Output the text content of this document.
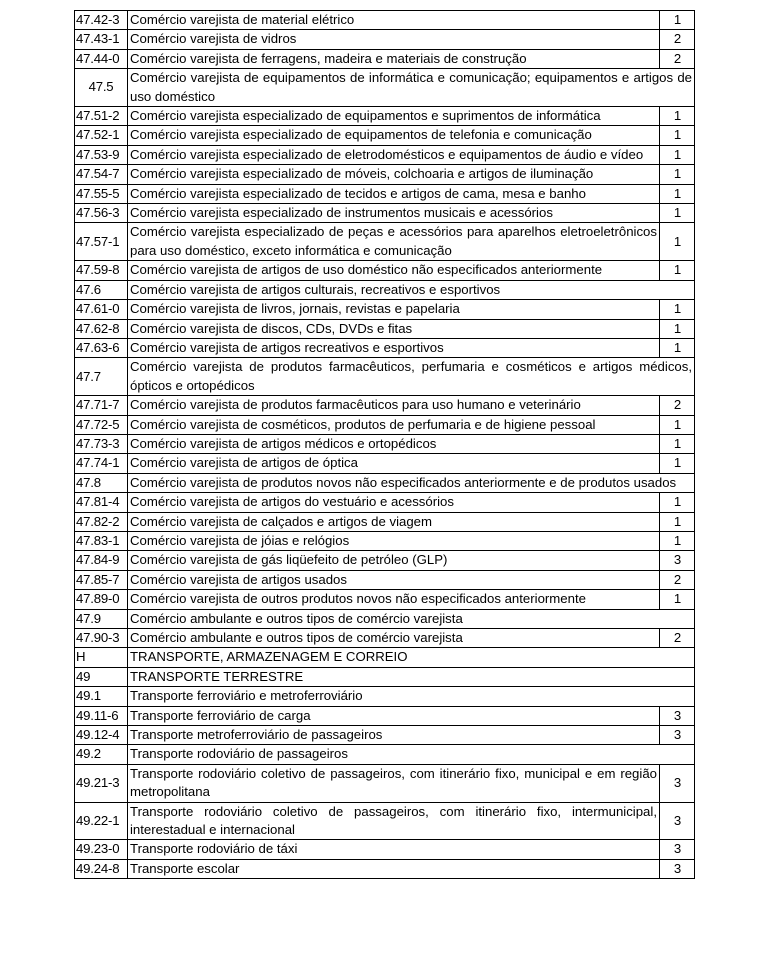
47.42-3	Comércio varejista de material elétrico	1
47.43-1	Comércio varejista de vidros	2
47.44-0	Comércio varejista de ferragens, madeira e materiais de construção	2
47.5	Comércio varejista de equipamentos de informática e comunicação; equipamentos e artigos de uso doméstico	
47.51-2	Comércio varejista especializado de equipamentos e suprimentos de informática	1
47.52-1	Comércio varejista especializado de equipamentos de telefonia e comunicação	1
47.53-9	Comércio varejista especializado de eletrodomésticos e equipamentos de áudio e vídeo	1
47.54-7	Comércio varejista especializado de móveis, colchoaria e artigos de iluminação	1
47.55-5	Comércio varejista especializado de tecidos e artigos de cama, mesa e banho	1
47.56-3	Comércio varejista especializado de instrumentos musicais e acessórios	1
47.57-1	Comércio varejista especializado de peças e acessórios para aparelhos eletroeletrônicos para uso doméstico, exceto informática e comunicação	1
47.59-8	Comércio varejista de artigos de uso doméstico não especificados anteriormente	1
47.6	Comércio varejista de artigos culturais, recreativos e esportivos	
47.61-0	Comércio varejista de livros, jornais, revistas e papelaria	1
47.62-8	Comércio varejista de discos, CDs, DVDs e fitas	1
47.63-6	Comércio varejista de artigos recreativos e esportivos	1
47.7	Comércio varejista de produtos farmacêuticos, perfumaria e cosméticos e artigos médicos, ópticos e ortopédicos	
47.71-7	Comércio varejista de produtos farmacêuticos para uso humano e veterinário	2
47.72-5	Comércio varejista de cosméticos, produtos de perfumaria e de higiene pessoal	1
47.73-3	Comércio varejista de artigos médicos e ortopédicos	1
47.74-1	Comércio varejista de artigos de óptica	1
47.8	Comércio varejista de produtos novos não especificados anteriormente e de produtos usados	
47.81-4	Comércio varejista de artigos do vestuário e acessórios	1
47.82-2	Comércio varejista de calçados e artigos de viagem	1
47.83-1	Comércio varejista de jóias e relógios	1
47.84-9	Comércio varejista de gás liqüefeito de petróleo (GLP)	3
47.85-7	Comércio varejista de artigos usados	2
47.89-0	Comércio varejista de outros produtos novos não especificados anteriormente	1
47.9	Comércio ambulante e outros tipos de comércio varejista	
47.90-3	Comércio ambulante e outros tipos de comércio varejista	2
H	TRANSPORTE, ARMAZENAGEM E CORREIO	
49	TRANSPORTE TERRESTRE	
49.1	Transporte ferroviário e metroferroviário	
49.11-6	Transporte ferroviário de carga	3
49.12-4	Transporte metroferroviário de passageiros	3
49.2	Transporte rodoviário de passageiros	
49.21-3	Transporte rodoviário coletivo de passageiros, com itinerário fixo, municipal e em região metropolitana	3
49.22-1	Transporte rodoviário coletivo de passageiros, com itinerário fixo, intermunicipal, interestadual e internacional	3
49.23-0	Transporte rodoviário de táxi	3
49.24-8	Transporte escolar	3
